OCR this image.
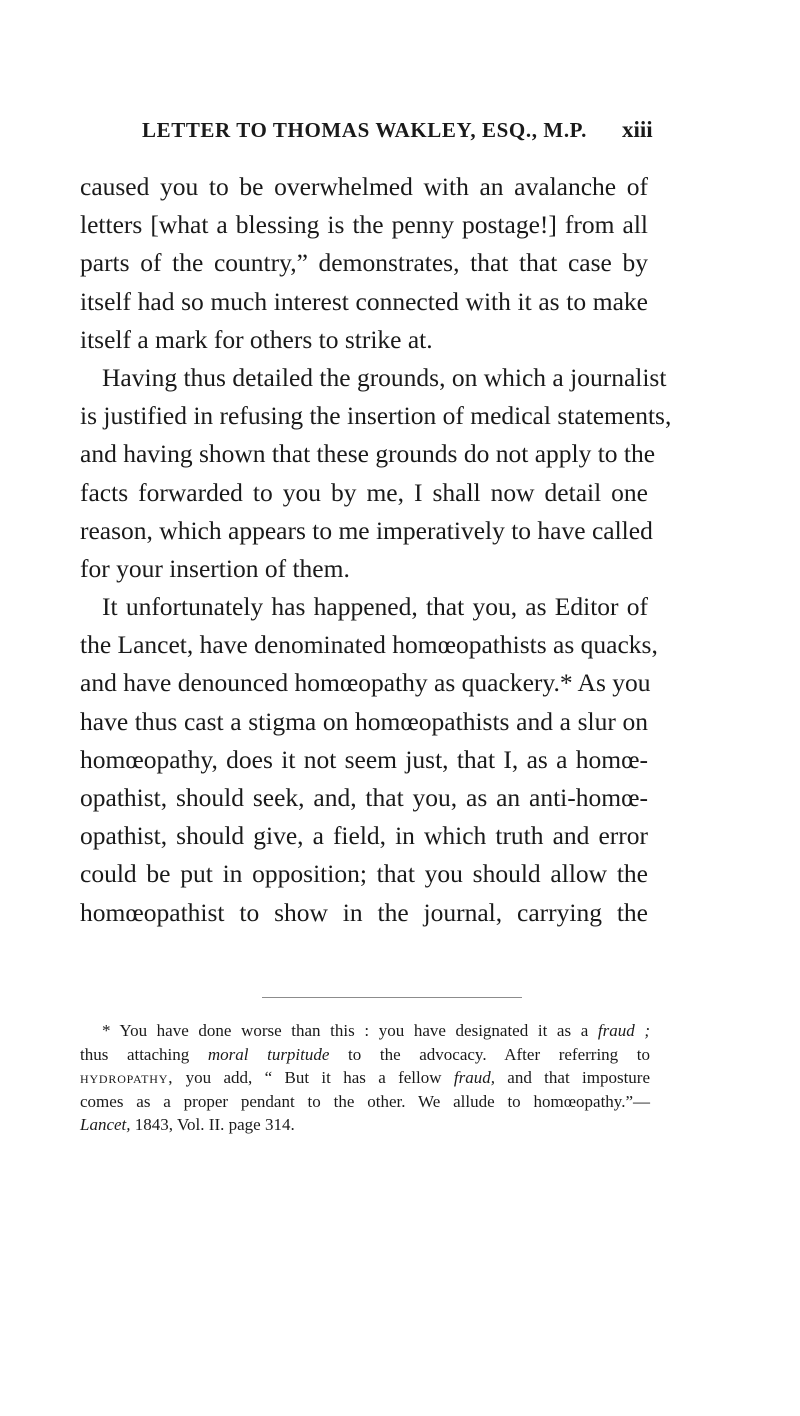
LETTER TO THOMAS WAKLEY, ESQ., M.P.	xiii
caused you to be overwhelmed with an avalanche of
letters [what a blessing is the penny postage!] from all
parts of the country,” demonstrates, that that case by
itself had so much interest connected with it as to make
itself a mark for others to strike at.
Having thus detailed the grounds, on which a journalist
is justified in refusing the insertion of medical statements,
and having shown that these grounds do not apply to the
facts forwarded to you by me, I shall now detail one
reason, which appears to me imperatively to have called
for your insertion of them.
It unfortunately has happened, that you, as Editor of
the Lancet, have denominated homœopathists as quacks,
and have denounced homœopathy as quackery.* As you
have thus cast a stigma on homœopathists and a slur on
homœopathy, does it not seem just, that I, as a homœ-
opathist, should seek, and, that you, as an anti-homœ-
opathist, should give, a field, in which truth and error
could be put in opposition; that you should allow the
homœopathist to show in the journal, carrying the
* You have done worse than this : you have designated it as a fraud ;
thus attaching moral turpitude to the advocacy. After referring to
hydropathy, you add, “ But it has a fellow fraud, and that imposture
comes as a proper pendant to the other. We allude to homœopathy.”—
Lancet, 1843, Vol. II. page 314.
